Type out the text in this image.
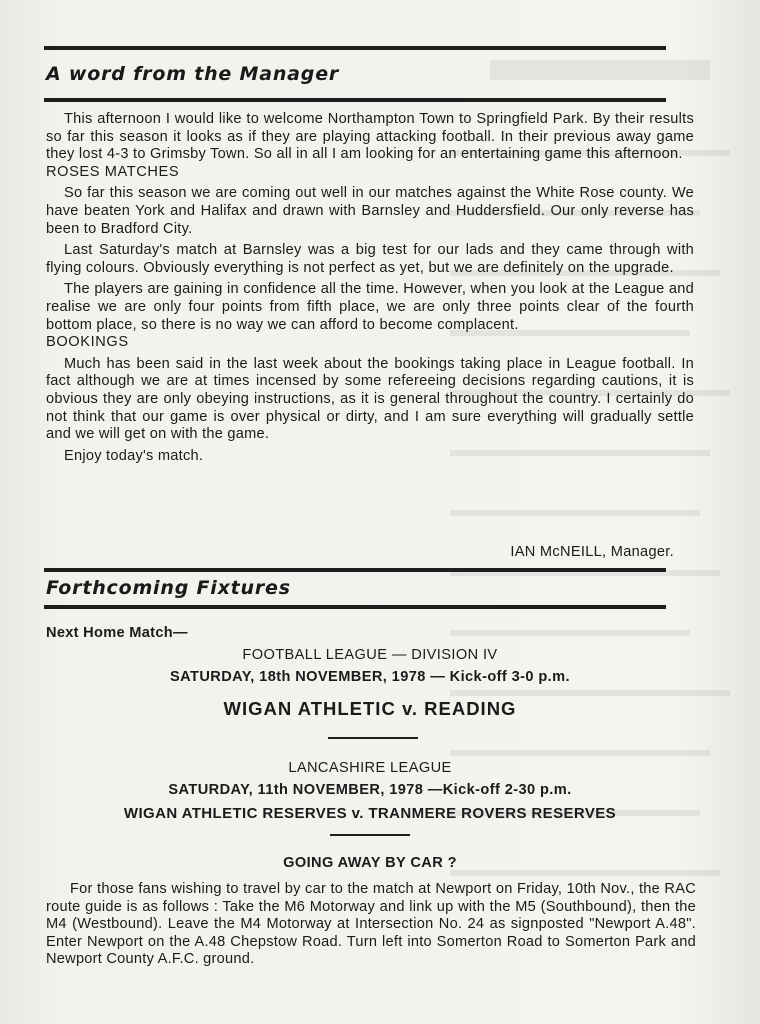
A word from the Manager

This afternoon I would like to welcome Northampton Town to Springfield Park. By their results so far this season it looks as if they are playing attacking football. In their previous away game they lost 4-3 to Grimsby Town. So all in all I am looking for an entertaining game this afternoon.

ROSES MATCHES

So far this season we are coming out well in our matches against the White Rose county. We have beaten York and Halifax and drawn with Barnsley and Huddersfield. Our only reverse has been to Bradford City.

Last Saturday's match at Barnsley was a big test for our lads and they came through with flying colours. Obviously everything is not perfect as yet, but we are definitely on the upgrade.

The players are gaining in confidence all the time. However, when you look at the League and realise we are only four points from fifth place, we are only three points clear of the fourth bottom place, so there is no way we can afford to become complacent.

BOOKINGS

Much has been said in the last week about the bookings taking place in League football. In fact although we are at times incensed by some refereeing decisions regarding cautions, it is obvious they are only obeying instructions, as it is general throughout the country. I certainly do not think that our game is over physical or dirty, and I am sure everything will gradually settle and we will get on with the game.

Enjoy today's match.

IAN McNEILL, Manager.
Forthcoming Fixtures
Next Home Match—
FOOTBALL LEAGUE — DIVISION IV
SATURDAY, 18th NOVEMBER, 1978 — Kick-off 3-0 p.m.
WIGAN ATHLETIC v. READING
LANCASHIRE LEAGUE
SATURDAY, 11th NOVEMBER, 1978 —Kick-off 2-30 p.m.
WIGAN ATHLETIC RESERVES v. TRANMERE ROVERS RESERVES
GOING AWAY BY CAR ?

For those fans wishing to travel by car to the match at Newport on Friday, 10th Nov., the RAC route guide is as follows : Take the M6 Motorway and link up with the M5 (Southbound), then the M4 (Westbound). Leave the M4 Motorway at Intersection No. 24 as signposted "Newport A.48". Enter Newport on the A.48 Chepstow Road. Turn left into Somerton Road to Somerton Park and Newport County A.F.C. ground.
